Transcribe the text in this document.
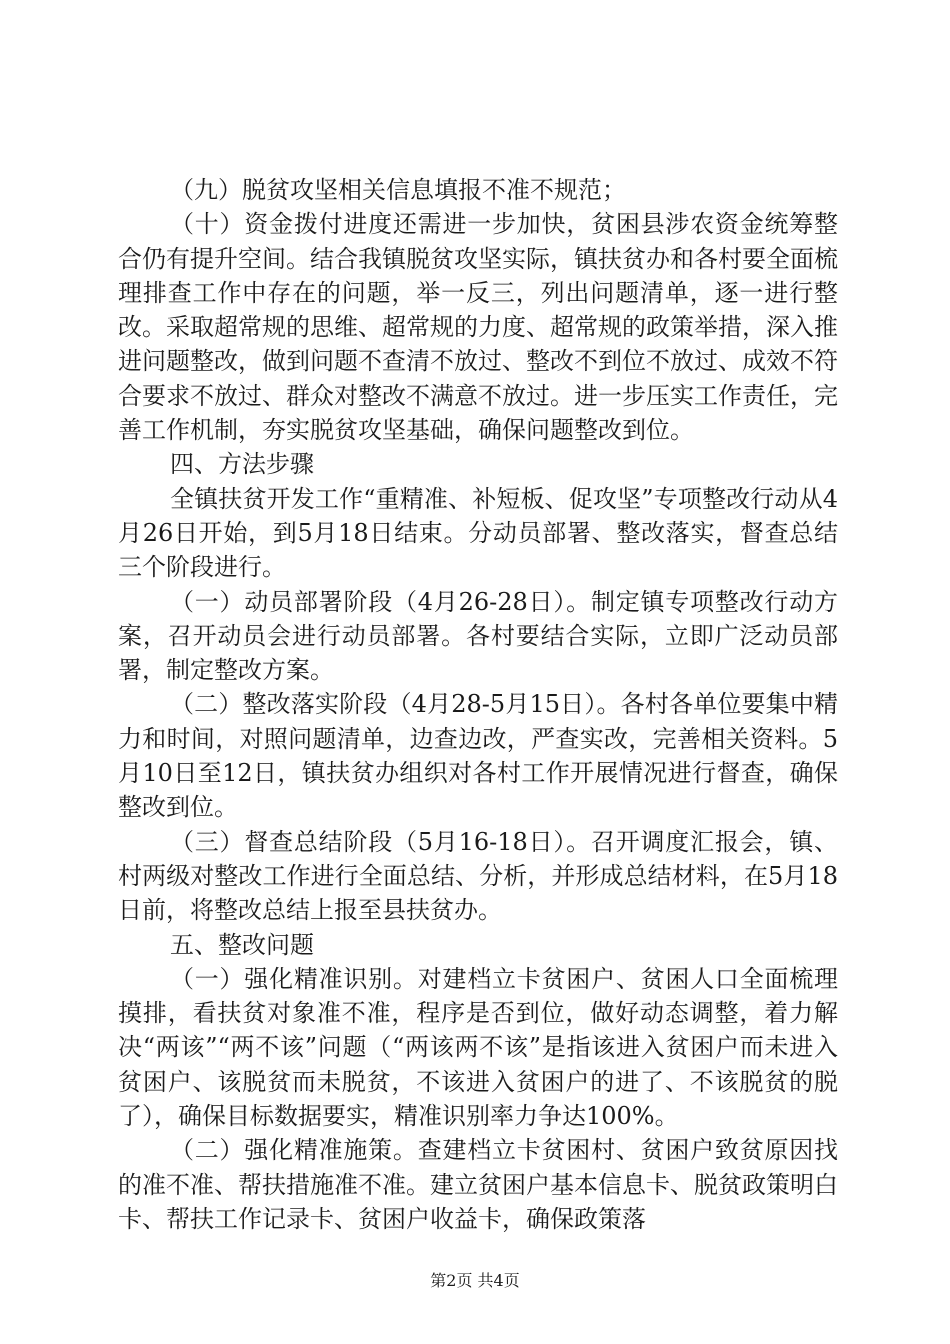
（九）脱贫攻坚相关信息填报不准不规范；

（十）资金拨付进度还需进一步加快，贫困县涉农资金统筹整合仍有提升空间。结合我镇脱贫攻坚实际，镇扶贫办和各村要全面梳理排查工作中存在的问题，举一反三，列出问题清单，逐一进行整改。采取超常规的思维、超常规的力度、超常规的政策举措，深入推进问题整改，做到问题不查清不放过、整改不到位不放过、成效不符合要求不放过、群众对整改不满意不放过。进一步压实工作责任，完善工作机制，夯实脱贫攻坚基础，确保问题整改到位。

四、方法步骤

全镇扶贫开发工作“重精准、补短板、促攻坚”专项整改行动从4月26日开始，到5月18日结束。分动员部署、整改落实，督查总结三个阶段进行。

（一）动员部署阶段（4月26-28日）。制定镇专项整改行动方案，召开动员会进行动员部署。各村要结合实际，立即广泛动员部署，制定整改方案。

（二）整改落实阶段（4月28-5月15日）。各村各单位要集中精力和时间，对照问题清单，边查边改，严查实改，完善相关资料。5月10日至12日，镇扶贫办组织对各村工作开展情况进行督查，确保整改到位。

（三）督查总结阶段（5月16-18日）。召开调度汇报会，镇、村两级对整改工作进行全面总结、分析，并形成总结材料，在5月18日前，将整改总结上报至县扶贫办。

五、整改问题

（一）强化精准识别。对建档立卡贫困户、贫困人口全面梳理摸排，看扶贫对象准不准，程序是否到位，做好动态调整，着力解决“两该”“两不该”问题（“两该两不该”是指该进入贫困户而未进入贫困户、该脱贫而未脱贫，不该进入贫困户的进了、不该脱贫的脱了），确保目标数据要实，精准识别率力争达100%。

（二）强化精准施策。查建档立卡贫困村、贫困户致贫原因找的准不准、帮扶措施准不准。建立贫困户基本信息卡、脱贫政策明白卡、帮扶工作记录卡、贫困户收益卡，确保政策落

第2页 共4页
